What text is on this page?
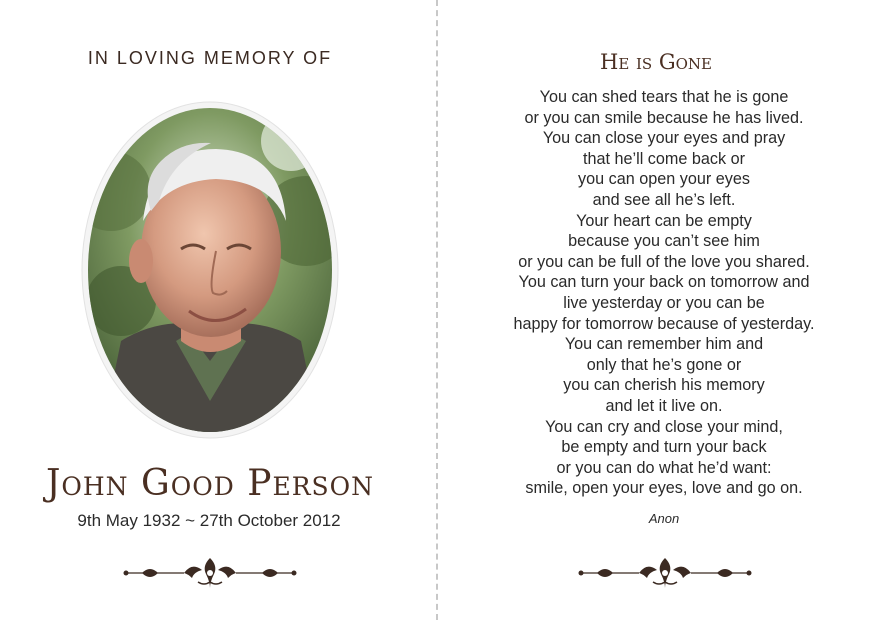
IN LOVING MEMORY OF
John Good Person
9th May 1932 ~ 27th October 2012
He is Gone
You can shed tears that he is gone
or you can smile because he has lived.
You can close your eyes and pray
that he’ll come back or
you can open your eyes
and see all he’s left.
Your heart can be empty
because you can’t see him
or you can be full of the love you shared.
You can turn your back on tomorrow and
live yesterday or you can be
happy for tomorrow because of yesterday.
You can remember him and
only that he’s gone or
you can cherish his memory
and let it live on.
You can cry and close your mind,
be empty and turn your back
or you can do what he’d want:
smile, open your eyes, love and go on.
Anon
